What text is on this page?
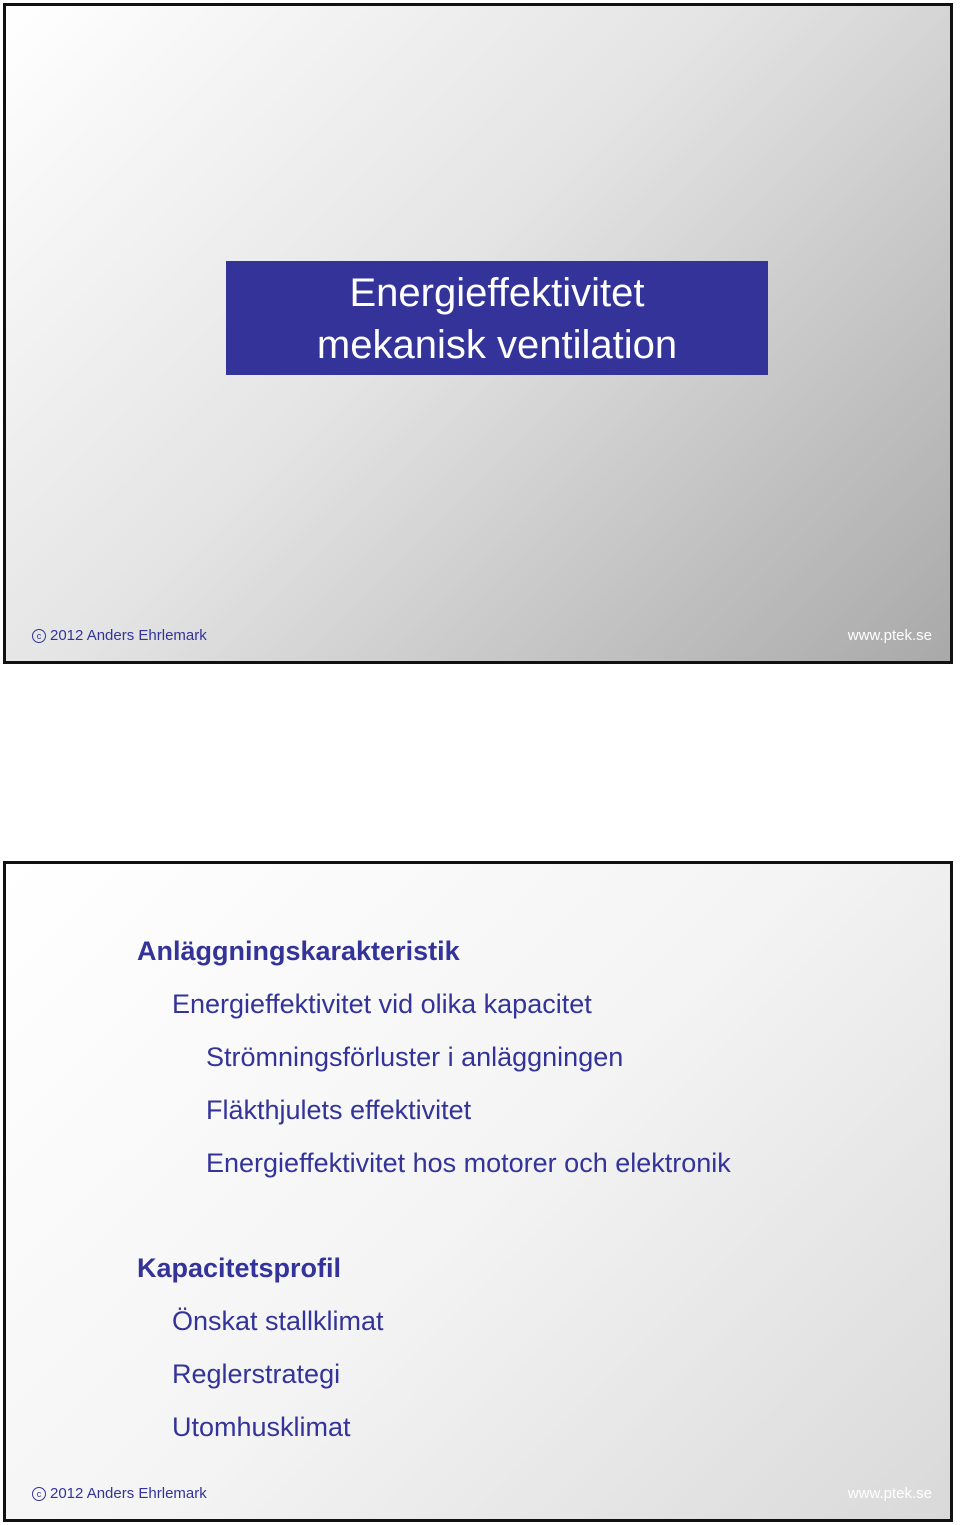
Energieffektivitet
mekanisk ventilation
c 2012 Anders Ehrlemark	www.ptek.se
Anläggningskarakteristik
Energieffektivitet vid olika kapacitet
Strömningsförluster i anläggningen
Fläkthjulets effektivitet
Energieffektivitet hos motorer och elektronik
Kapacitetsprofil
Önskat stallklimat
Reglerstrategi
Utomhusklimat
c 2012 Anders Ehrlemark	www.ptek.se
